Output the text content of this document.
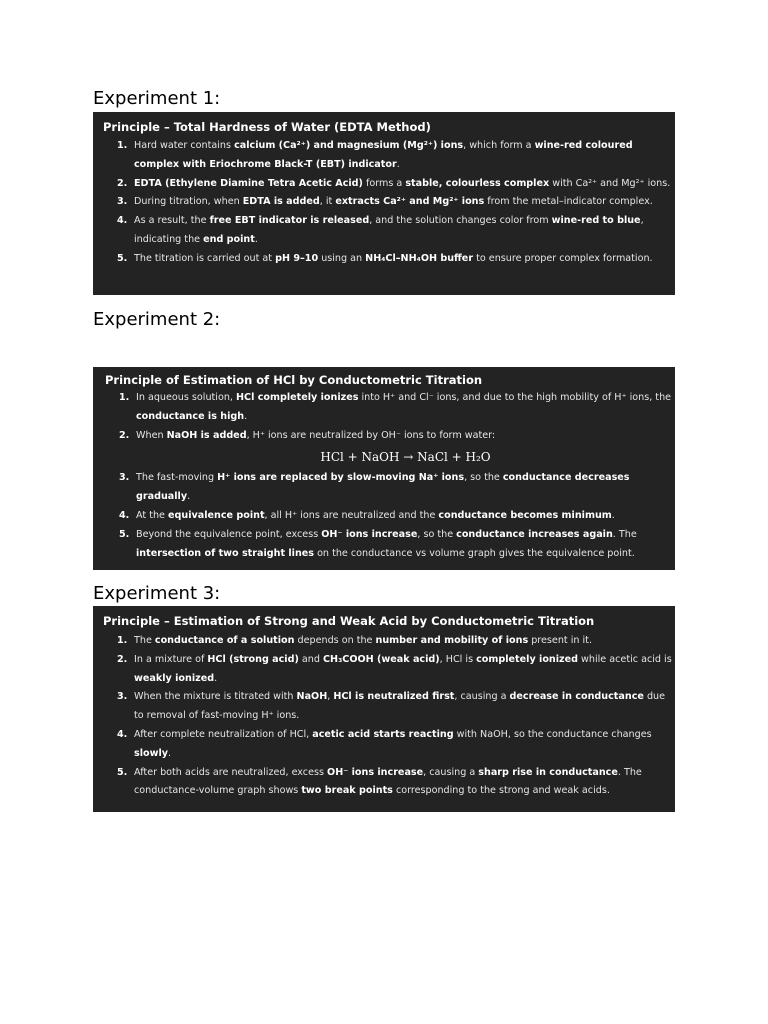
Experiment 1:

Principle – Total Hardness of Water (EDTA Method)

1. Hard water contains calcium (Ca²⁺) and magnesium (Mg²⁺) ions, which form a wine-red coloured complex with Eriochrome Black-T (EBT) indicator.
2. EDTA (Ethylene Diamine Tetra Acetic Acid) forms a stable, colourless complex with Ca²⁺ and Mg²⁺ ions.
3. During titration, when EDTA is added, it extracts Ca²⁺ and Mg²⁺ ions from the metal–indicator complex.
4. As a result, the free EBT indicator is released, and the solution changes color from wine-red to blue, indicating the end point.
5. The titration is carried out at pH 9–10 using an NH₄Cl–NH₄OH buffer to ensure proper complex formation.
Experiment 2:

Principle of Estimation of HCl by Conductometric Titration

1. In aqueous solution, HCl completely ionizes into H⁺ and Cl⁻ ions, and due to the high mobility of H⁺ ions, the conductance is high.
2. When NaOH is added, H⁺ ions are neutralized by OH⁻ ions to form water:
HCl + NaOH → NaCl + H₂O
3. The fast-moving H⁺ ions are replaced by slow-moving Na⁺ ions, so the conductance decreases gradually.
4. At the equivalence point, all H⁺ ions are neutralized and the conductance becomes minimum.
5. Beyond the equivalence point, excess OH⁻ ions increase, so the conductance increases again. The intersection of two straight lines on the conductance vs volume graph gives the equivalence point.
Experiment 3:

Principle – Estimation of Strong and Weak Acid by Conductometric Titration

1. The conductance of a solution depends on the number and mobility of ions present in it.
2. In a mixture of HCl (strong acid) and CH₃COOH (weak acid), HCl is completely ionized while acetic acid is weakly ionized.
3. When the mixture is titrated with NaOH, HCl is neutralized first, causing a decrease in conductance due to removal of fast-moving H⁺ ions.
4. After complete neutralization of HCl, acetic acid starts reacting with NaOH, so the conductance changes slowly.
5. After both acids are neutralized, excess OH⁻ ions increase, causing a sharp rise in conductance. The conductance-volume graph shows two break points corresponding to the strong and weak acids.
